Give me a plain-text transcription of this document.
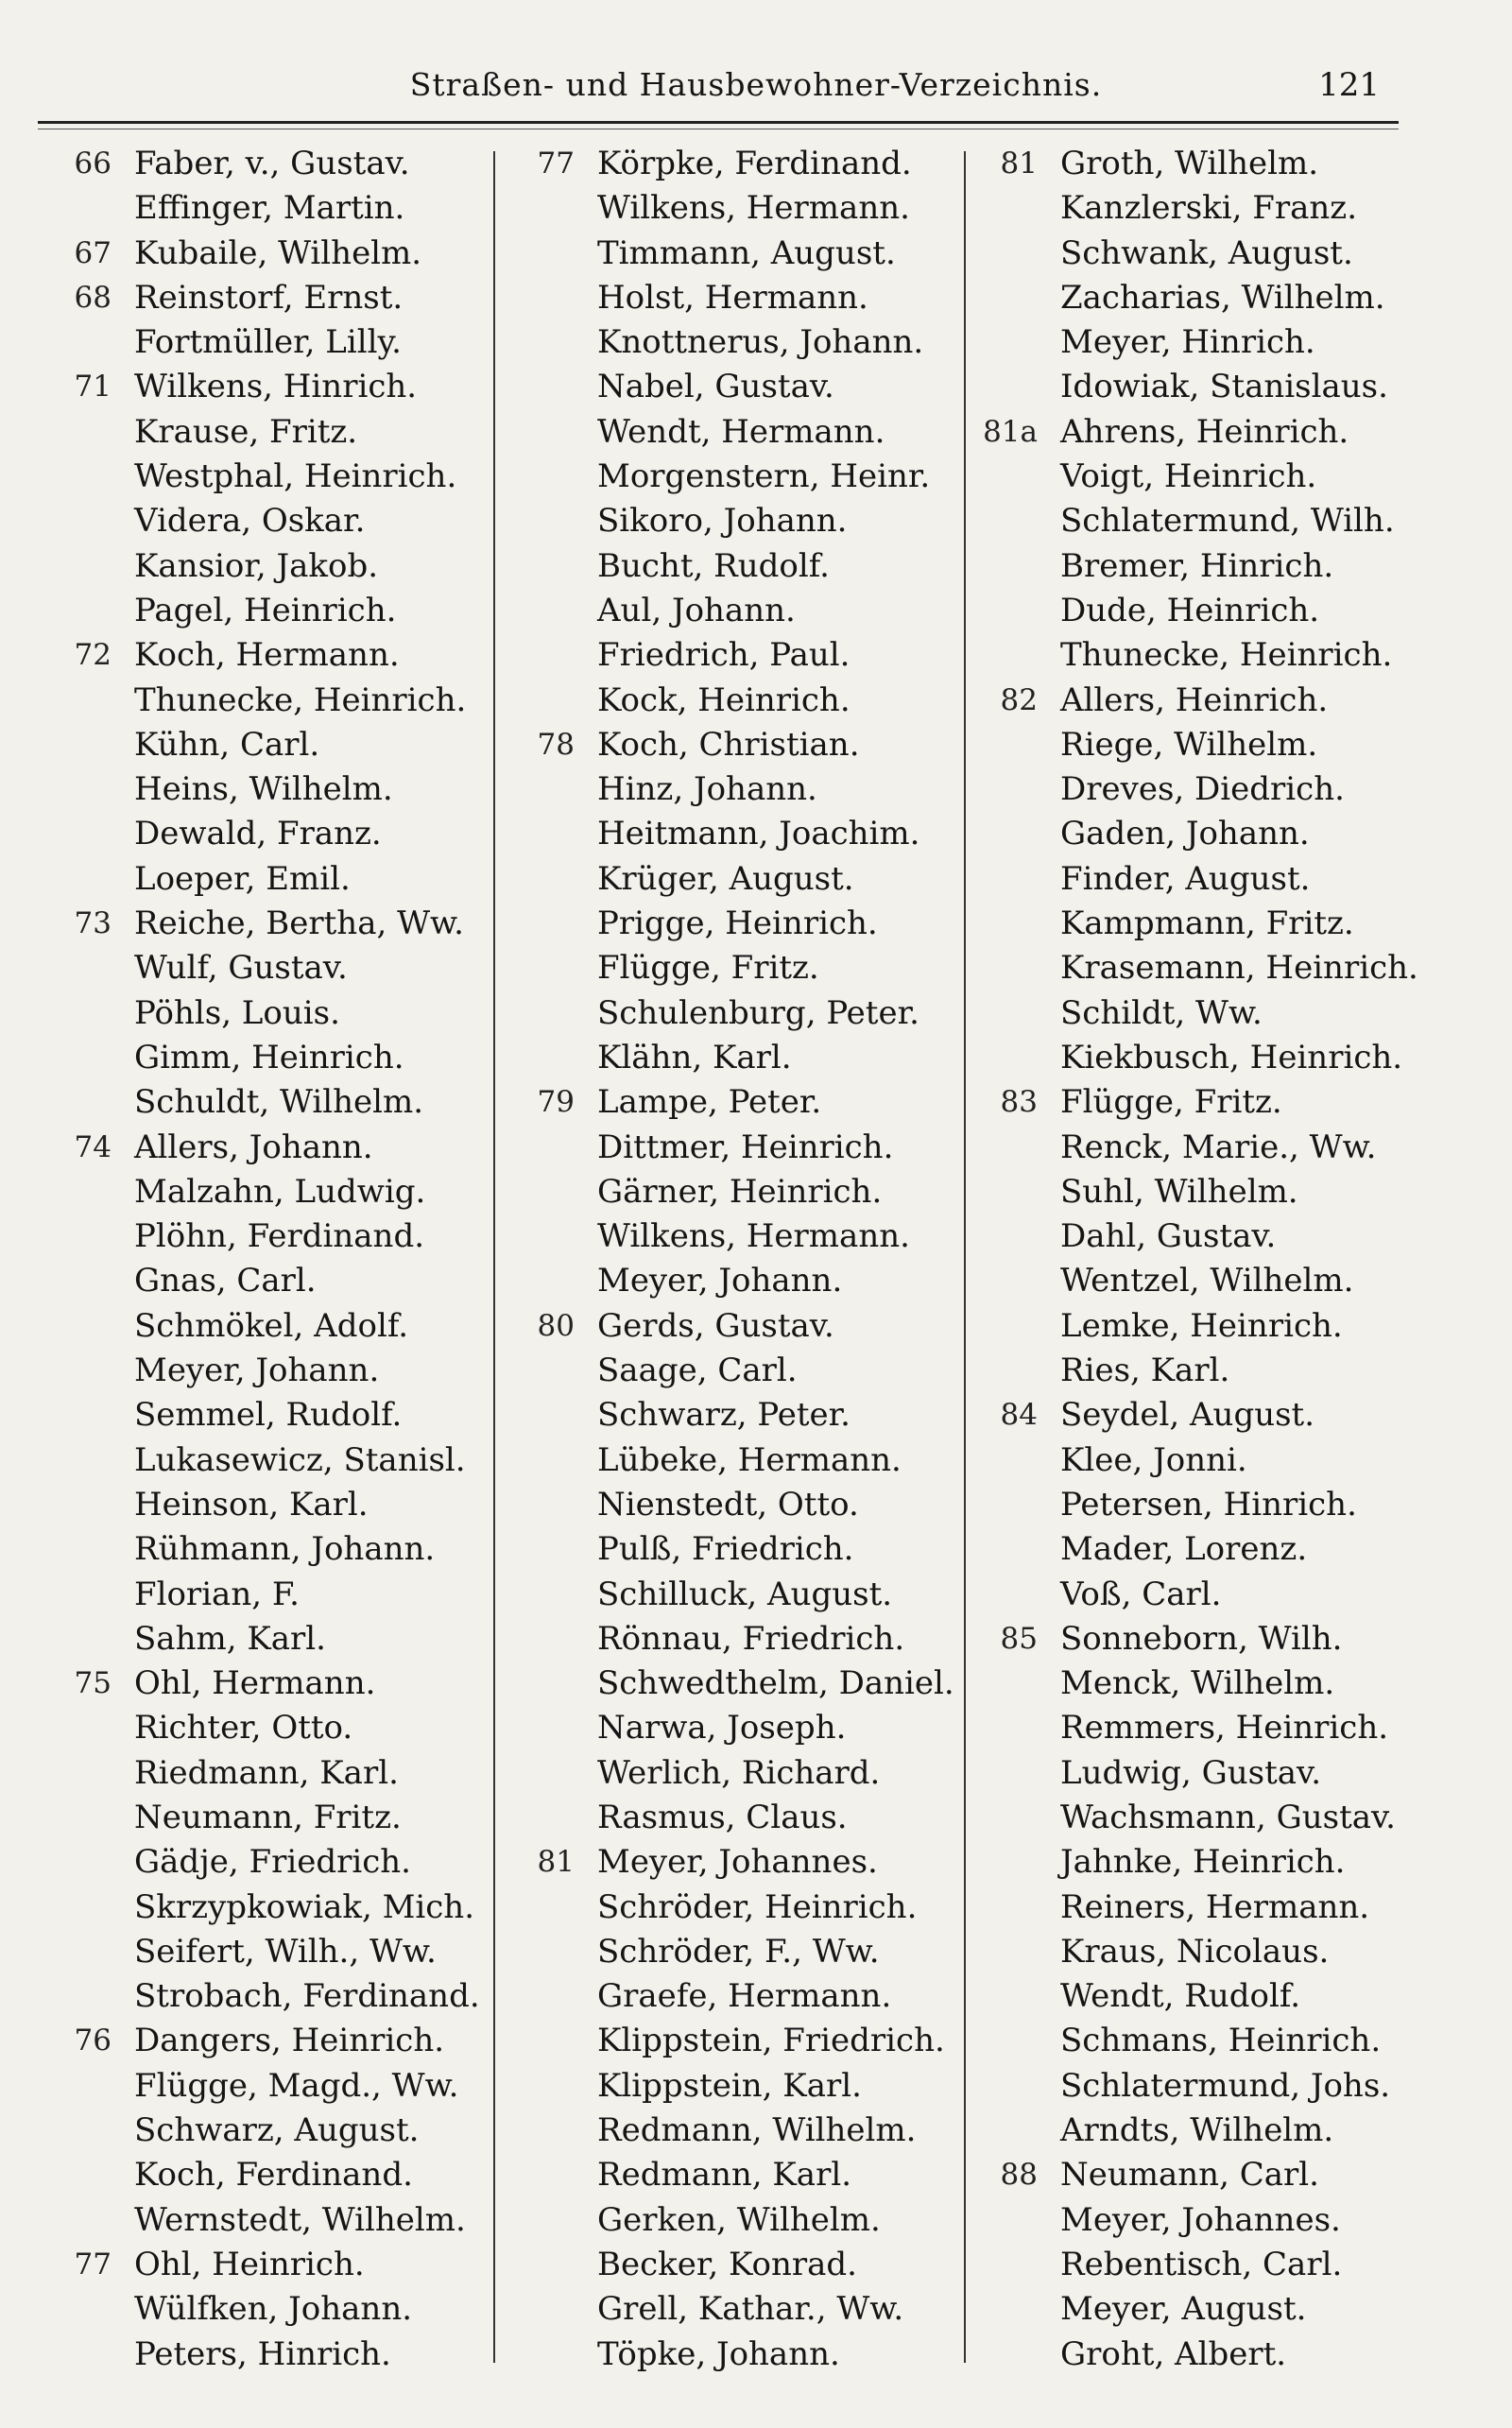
Straßen- und Hausbewohner-Verzeichnis.	121
66 Faber, v., Gustav.
Effinger, Martin.
67 Kubaile, Wilhelm.
68 Reinstorf, Ernst.
Fortmüller, Lilly.
71 Wilkens, Hinrich.
Krause, Fritz.
Westphal, Heinrich.
Videra, Oskar.
Kansior, Jakob.
Pagel, Heinrich.
72 Koch, Hermann.
Thunecke, Heinrich.
Kühn, Carl.
Heins, Wilhelm.
Dewald, Franz.
Loeper, Emil.
73 Reiche, Bertha, Ww.
Wulf, Gustav.
Pöhls, Louis.
Gimm, Heinrich.
Schuldt, Wilhelm.
74 Allers, Johann.
Malzahn, Ludwig.
Plöhn, Ferdinand.
Gnas, Carl.
Schmökel, Adolf.
Meyer, Johann.
Semmel, Rudolf.
Lukasewicz, Stanisl.
Heinson, Karl.
Rühmann, Johann.
Florian, F.
Sahm, Karl.
75 Ohl, Hermann.
Richter, Otto.
Riedmann, Karl.
Neumann, Fritz.
Gädje, Friedrich.
Skrzypkowiak, Mich.
Seifert, Wilh., Ww.
Strobach, Ferdinand.
76 Dangers, Heinrich.
Flügge, Magd., Ww.
Schwarz, August.
Koch, Ferdinand.
Wernstedt, Wilhelm.
77 Ohl, Heinrich.
Wülfken, Johann.
Peters, Hinrich.
77 Körpke, Ferdinand.
Wilkens, Hermann.
Timmann, August.
Holst, Hermann.
Knottnerus, Johann.
Nabel, Gustav.
Wendt, Hermann.
Morgenstern, Heinr.
Sikoro, Johann.
Bucht, Rudolf.
Aul, Johann.
Friedrich, Paul.
Kock, Heinrich.
78 Koch, Christian.
Hinz, Johann.
Heitmann, Joachim.
Krüger, August.
Prigge, Heinrich.
Flügge, Fritz.
Schulenburg, Peter.
Klähn, Karl.
79 Lampe, Peter.
Dittmer, Heinrich.
Gärner, Heinrich.
Wilkens, Hermann.
Meyer, Johann.
80 Gerds, Gustav.
Saage, Carl.
Schwarz, Peter.
Lübeke, Hermann.
Nienstedt, Otto.
Pulß, Friedrich.
Schilluck, August.
Rönnau, Friedrich.
Schwedthelm, Daniel.
Narwa, Joseph.
Werlich, Richard.
Rasmus, Claus.
81 Meyer, Johannes.
Schröder, Heinrich.
Schröder, F., Ww.
Graefe, Hermann.
Klippstein, Friedrich.
Klippstein, Karl.
Redmann, Wilhelm.
Redmann, Karl.
Gerken, Wilhelm.
Becker, Konrad.
Grell, Kathar., Ww.
Töpke, Johann.
81 Groth, Wilhelm.
Kanzlerski, Franz.
Schwank, August.
Zacharias, Wilhelm.
Meyer, Hinrich.
Idowiak, Stanislaus.
81a Ahrens, Heinrich.
Voigt, Heinrich.
Schlatermund, Wilh.
Bremer, Hinrich.
Dude, Heinrich.
Thunecke, Heinrich.
82 Allers, Heinrich.
Riege, Wilhelm.
Dreves, Diedrich.
Gaden, Johann.
Finder, August.
Kampmann, Fritz.
Krasemann, Heinrich.
Schildt, Ww.
Kiekbusch, Heinrich.
83 Flügge, Fritz.
Renck, Marie., Ww.
Suhl, Wilhelm.
Dahl, Gustav.
Wentzel, Wilhelm.
Lemke, Heinrich.
Ries, Karl.
84 Seydel, August.
Klee, Jonni.
Petersen, Hinrich.
Mader, Lorenz.
Voß, Carl.
85 Sonneborn, Wilh.
Menck, Wilhelm.
Remmers, Heinrich.
Ludwig, Gustav.
Wachsmann, Gustav.
Jahnke, Heinrich.
Reiners, Hermann.
Kraus, Nicolaus.
Wendt, Rudolf.
Schmans, Heinrich.
Schlatermund, Johs.
Arndts, Wilhelm.
88 Neumann, Carl.
Meyer, Johannes.
Rebentisch, Carl.
Meyer, August.
Groht, Albert.
